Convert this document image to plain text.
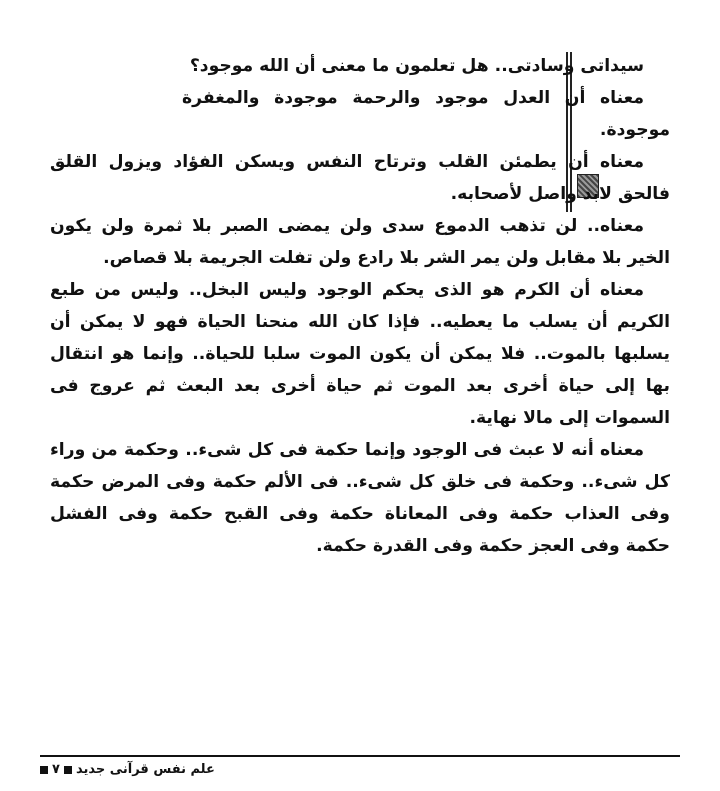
سيداتى وسادتى.. هل تعلمون ما معنى أن الله موجود؟

معناه أن العدل موجود والرحمة موجودة والمغفرة موجودة.

معناه أن يطمئن القلب وترتاح النفس ويسكن الفؤاد ويزول القلق فالحق لابد واصل لأصحابه.

معناه.. لن تذهب الدموع سدى ولن يمضى الصبر بلا ثمرة ولن يكون الخير بلا مقابل ولن يمر الشر بلا رادع ولن تفلت الجريمة بلا قصاص.

معناه أن الكرم هو الذى يحكم الوجود وليس البخل.. وليس من طبع الكريم أن يسلب ما يعطيه.. فإذا كان الله منحنا الحياة فهو لا يمكن أن يسلبها بالموت.. فلا يمكن أن يكون الموت سلبا للحياة.. وإنما هو انتقال بها إلى حياة أخرى بعد الموت ثم حياة أخرى بعد البعث ثم عروج فى السموات إلى مالا نهاية.

معناه أنه لا عبث فى الوجود وإنما حكمة فى كل شىء.. وحكمة من وراء كل شىء.. وحكمة فى خلق كل شىء.. فى الألم حكمة وفى المرض حكمة وفى العذاب حكمة وفى المعاناة حكمة وفى القبح حكمة وفى الفشل حكمة وفى العجز حكمة وفى القدرة حكمة.

علم نفس قرآنى جديد
٧
